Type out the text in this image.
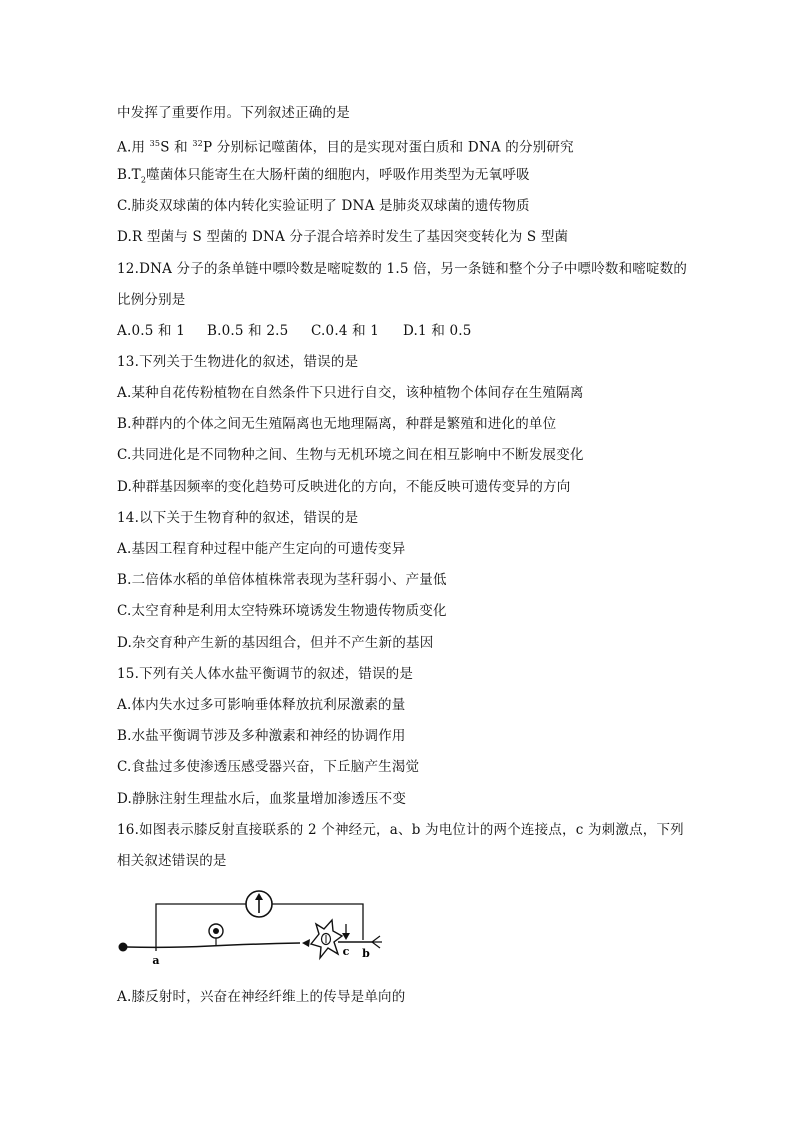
中发挥了重要作用。下列叙述正确的是
A.用 $^{35}$S 和 $^{32}$P 分别标记噬菌体，目的是实现对蛋白质和 DNA 的分别研究
$B.T_2$噬菌体只能寄生在大肠杆菌的细胞内，呼吸作用类型为无氧呼吸
C.肺炎双球菌的体内转化实验证明了 DNA 是肺炎双球菌的遗传物质
D.R 型菌与 S 型菌的 DNA 分子混合培养时发生了基因突变转化为 S 型菌
12.DNA 分子的条单链中嘌呤数是嘧啶数的 1.5 倍，另一条链和整个分子中嘌呤数和嘧啶数的
比例分别是
A.0.5 和 1 B.0.5 和 2.5 C.0.4 和 1 D.1 和 0.5
13.下列关于生物进化的叙述，错误的是
A.某种自花传粉植物在自然条件下只进行自交，该种植物个体间存在生殖隔离
B.种群内的个体之间无生殖隔离也无地理隔离，种群是繁殖和进化的单位
C.共同进化是不同物种之间、生物与无机环境之间在相互影响中不断发展变化
D.种群基因频率的变化趋势可反映进化的方向，不能反映可遗传变异的方向
14.以下关于生物育种的叙述，错误的是
A.基因工程育种过程中能产生定向的可遗传变异
B.二倍体水稻的单倍体植株常表现为茎秆弱小、产量低
C.太空育种是利用太空特殊环境诱发生物遗传物质变化
D.杂交育种产生新的基因组合，但并不产生新的基因
15.下列有关人体水盐平衡调节的叙述，错误的是
A.体内失水过多可影响垂体释放抗利尿激素的量
B.水盐平衡调节涉及多种激素和神经的协调作用
C.食盐过多使渗透压感受器兴奋，下丘脑产生渴觉
D.静脉注射生理盐水后，血浆量增加渗透压不变
16.如图表示膝反射直接联系的 2 个神经元，a、b 为电位计的两个连接点，c 为刺激点，下列
相关叙述错误的是
a
c b
A.膝反射时，兴奋在神经纤维上的传导是单向的
